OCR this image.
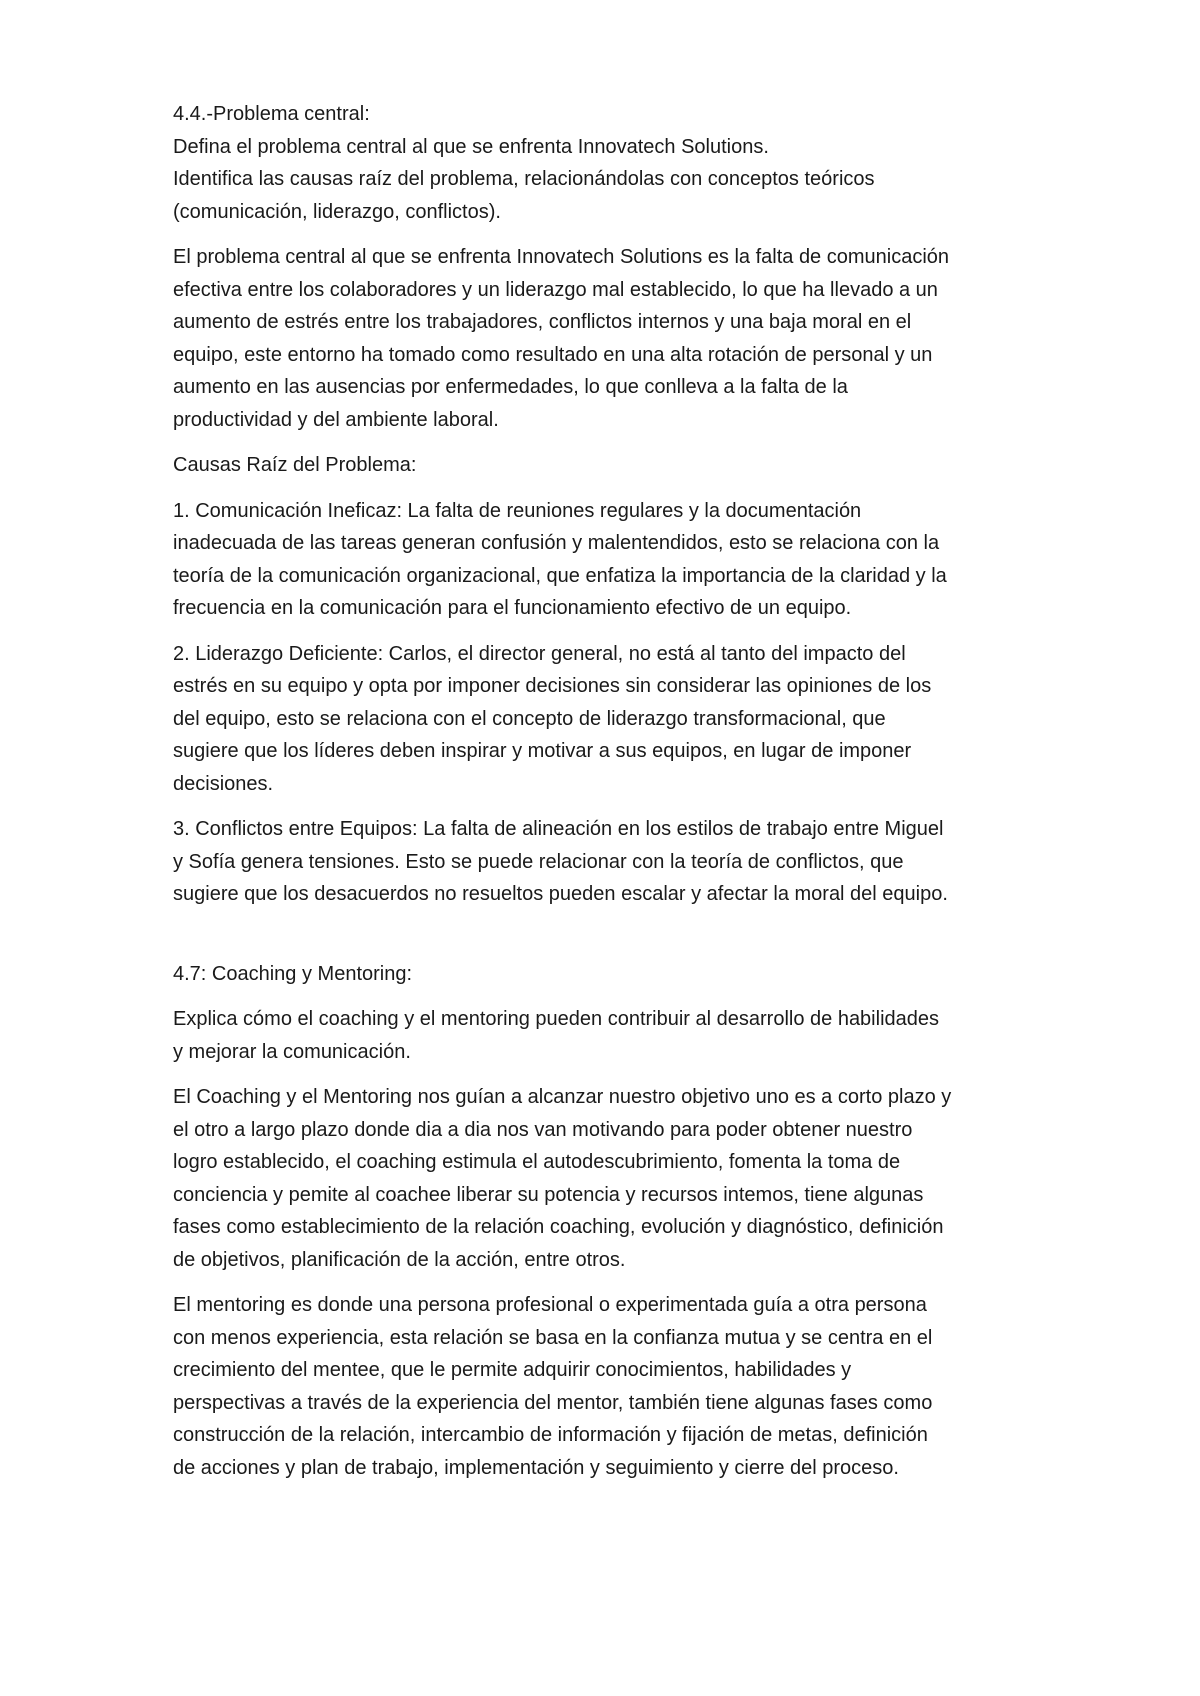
4.4.-Problema central:
Defina el problema central al que se enfrenta Innovatech Solutions.
Identifica las causas raíz del problema, relacionándolas con conceptos teóricos
(comunicación, liderazgo, conflictos).
El problema central al que se enfrenta Innovatech Solutions es la falta de comunicación
efectiva entre los colaboradores y un liderazgo mal establecido, lo que ha llevado a un
aumento de estrés entre los trabajadores, conflictos internos y una baja moral en el
equipo, este entorno ha tomado como resultado en una alta rotación de personal y un
aumento en las ausencias por enfermedades, lo que conlleva a la falta de la
productividad y del ambiente laboral.
Causas Raíz del Problema:
1. Comunicación Ineficaz: La falta de reuniones regulares y la documentación
inadecuada de las tareas generan confusión y malentendidos, esto se relaciona con la
teoría de la comunicación organizacional, que enfatiza la importancia de la claridad y la
frecuencia en la comunicación para el funcionamiento efectivo de un equipo.
2. Liderazgo Deficiente: Carlos, el director general, no está al tanto del impacto del
estrés en su equipo y opta por imponer decisiones sin considerar las opiniones de los
del equipo, esto se relaciona con el concepto de liderazgo transformacional, que
sugiere que los líderes deben inspirar y motivar a sus equipos, en lugar de imponer
decisiones.
3. Conflictos entre Equipos: La falta de alineación en los estilos de trabajo entre Miguel
y Sofía genera tensiones. Esto se puede relacionar con la teoría de conflictos, que
sugiere que los desacuerdos no resueltos pueden escalar y afectar la moral del equipo.
4.7: Coaching y Mentoring:
Explica cómo el coaching y el mentoring pueden contribuir al desarrollo de habilidades
y mejorar la comunicación.
El Coaching y el Mentoring nos guían a alcanzar nuestro objetivo uno es a corto plazo y
el otro a largo plazo donde dia a dia nos van motivando para poder obtener nuestro
logro establecido, el coaching estimula el autodescubrimiento, fomenta la toma de
conciencia y pemite al coachee liberar su potencia y recursos intemos, tiene algunas
fases como establecimiento de la relación coaching, evolución y diagnóstico, definición
de objetivos, planificación de la acción, entre otros.
El mentoring es donde una persona profesional o experimentada guía a otra persona
con menos experiencia, esta relación se basa en la confianza mutua y se centra en el
crecimiento del mentee, que le permite adquirir conocimientos, habilidades y
perspectivas a través de la experiencia del mentor, también tiene algunas fases como
construcción de la relación, intercambio de información y fijación de metas, definición
de acciones y plan de trabajo, implementación y seguimiento y cierre del proceso.
